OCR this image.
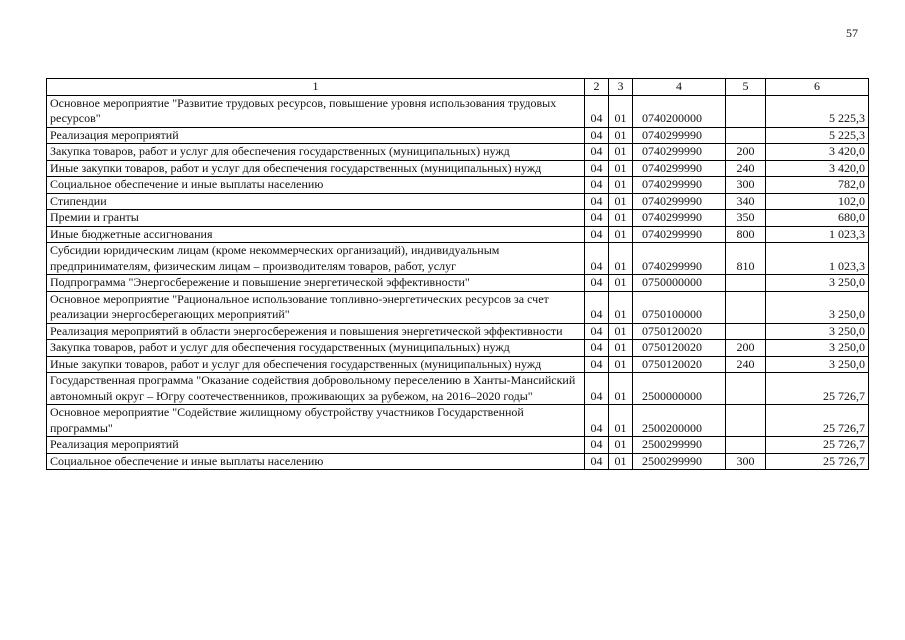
57
1	2	3	4	5	6
Основное мероприятие "Развитие трудовых ресурсов, повышение уровня использования трудовых ресурсов"	04	01	0740200000		5 225,3
Реализация мероприятий	04	01	0740299990		5 225,3
Закупка товаров, работ и услуг для обеспечения государственных (муниципальных) нужд	04	01	0740299990	200	3 420,0
Иные закупки товаров, работ и услуг для обеспечения государственных (муниципальных) нужд	04	01	0740299990	240	3 420,0
Социальное обеспечение и иные выплаты населению	04	01	0740299990	300	782,0
Стипендии	04	01	0740299990	340	102,0
Премии и гранты	04	01	0740299990	350	680,0
Иные бюджетные ассигнования	04	01	0740299990	800	1 023,3
Субсидии юридическим лицам (кроме некоммерческих организаций), индивидуальным предпринимателям, физическим лицам – производителям товаров, работ, услуг	04	01	0740299990	810	1 023,3
Подпрограмма "Энергосбережение и повышение энергетической эффективности"	04	01	0750000000		3 250,0
Основное мероприятие "Рациональное использование топливно-энергетических ресурсов за счет реализации энергосберегающих мероприятий"	04	01	0750100000		3 250,0
Реализация мероприятий в области энергосбережения и повышения энергетической эффективности	04	01	0750120020		3 250,0
Закупка товаров, работ и услуг для обеспечения государственных (муниципальных) нужд	04	01	0750120020	200	3 250,0
Иные закупки товаров, работ и услуг для обеспечения государственных (муниципальных) нужд	04	01	0750120020	240	3 250,0
Государственная программа "Оказание содействия добровольному переселению в Ханты-Мансийский автономный округ – Югру соотечественников, проживающих за рубежом, на 2016–2020 годы"	04	01	2500000000		25 726,7
Основное мероприятие "Содействие жилищному обустройству участников Государственной программы"	04	01	2500200000		25 726,7
Реализация мероприятий	04	01	2500299990		25 726,7
Социальное обеспечение и иные выплаты населению	04	01	2500299990	300	25 726,7
